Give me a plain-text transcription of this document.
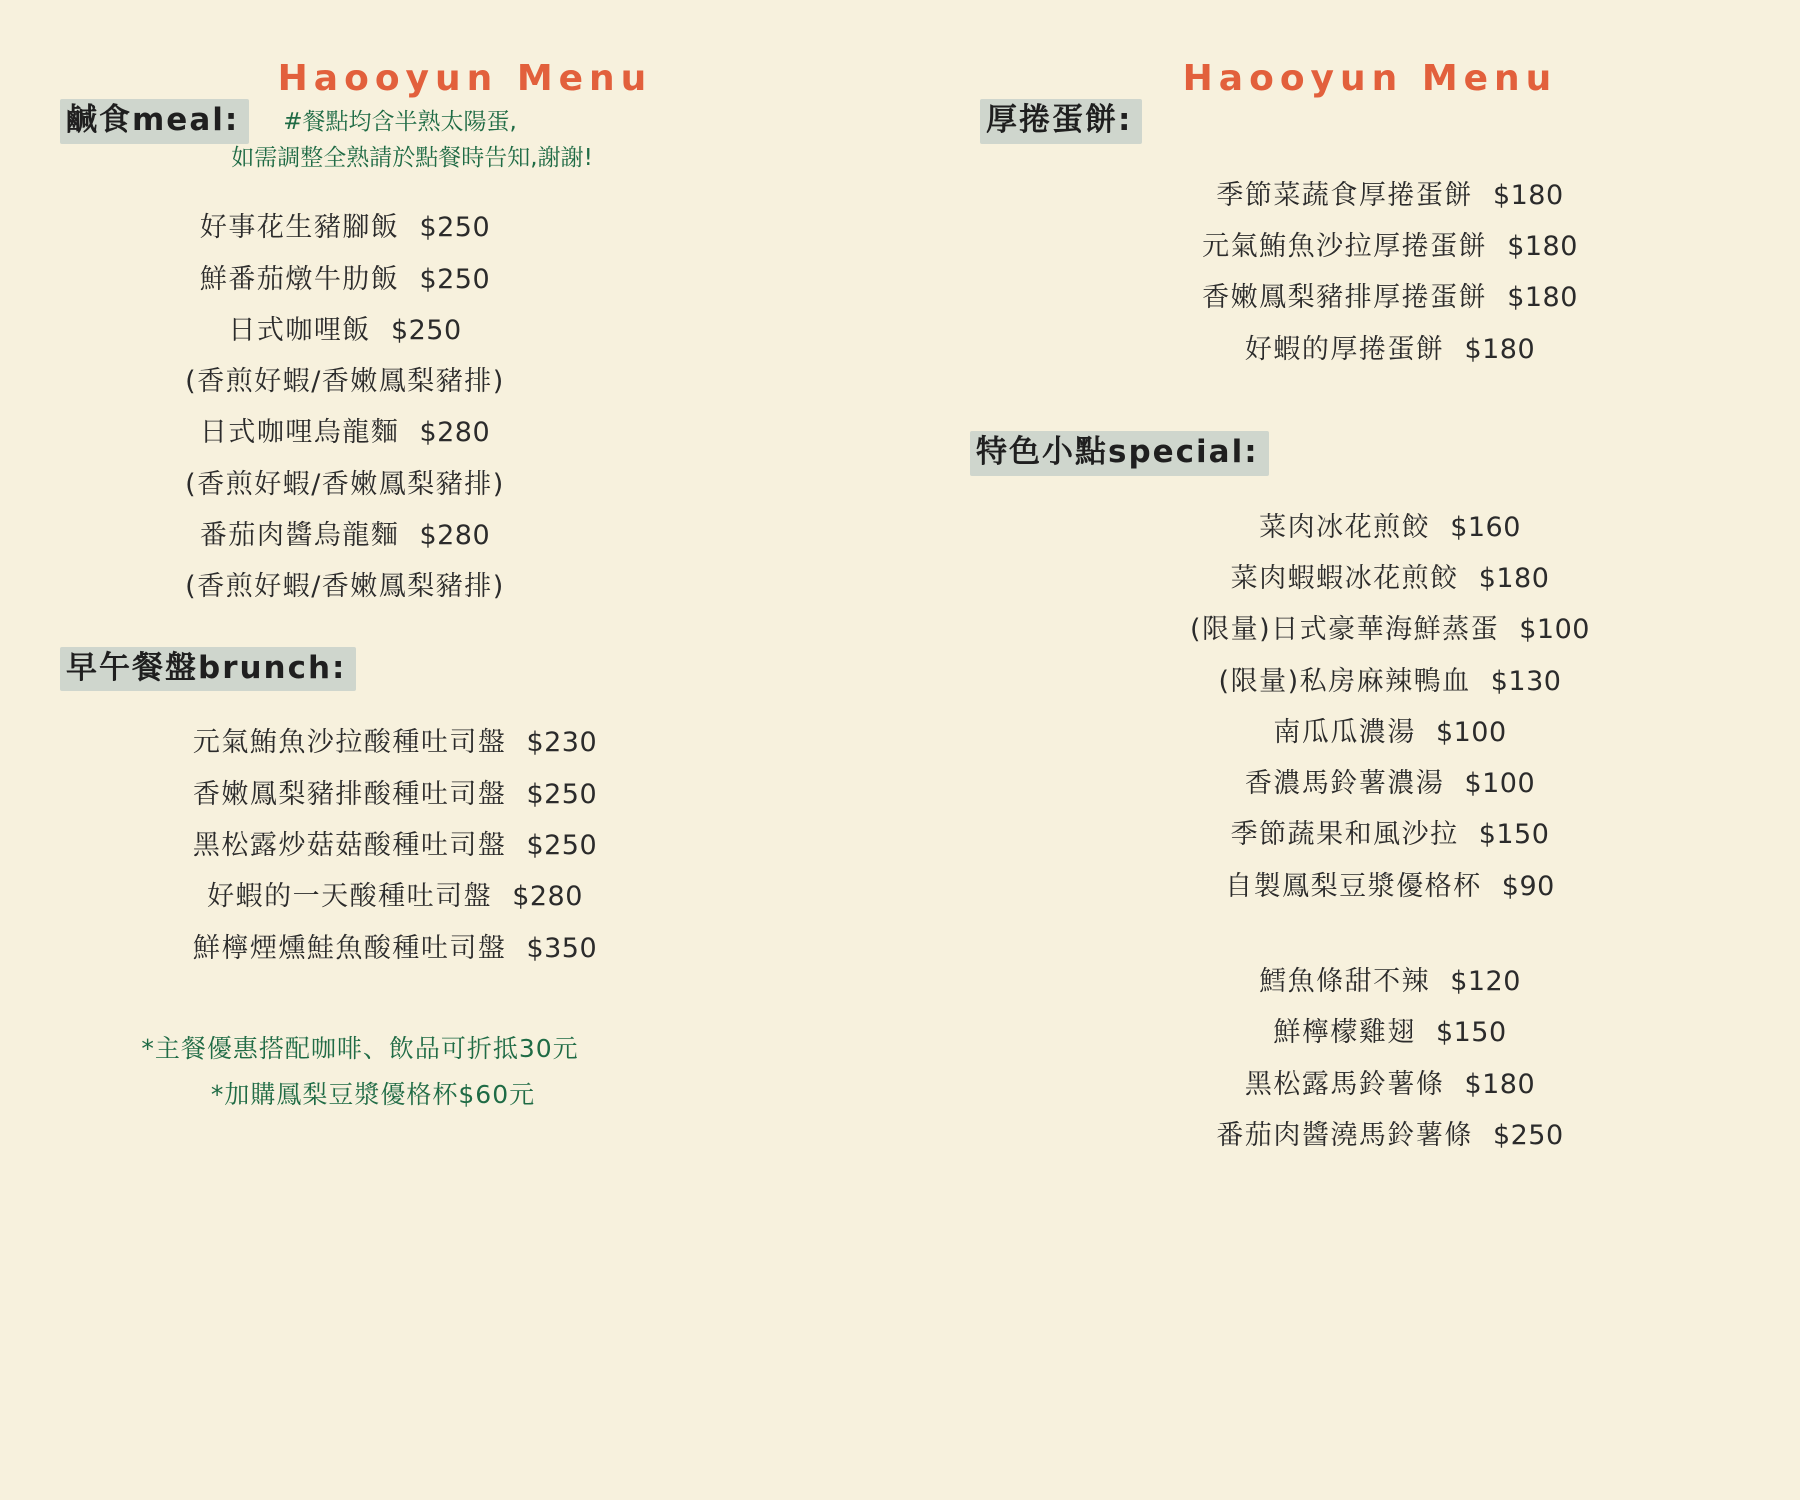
Haooyun Menu
鹹食meal:	#餐點均含半熟太陽蛋,
如需調整全熟請於點餐時告知,謝謝!
好事花生豬腳飯 $250
鮮番茄燉牛肋飯 $250
日式咖哩飯 $250
(香煎好蝦/香嫩鳳梨豬排)
日式咖哩烏龍麵 $280
(香煎好蝦/香嫩鳳梨豬排)
番茄肉醬烏龍麵 $280
(香煎好蝦/香嫩鳳梨豬排)
早午餐盤brunch:
元氣鮪魚沙拉酸種吐司盤 $230
香嫩鳳梨豬排酸種吐司盤 $250
黑松露炒菇菇酸種吐司盤 $250
好蝦的一天酸種吐司盤 $280
鮮檸煙燻鮭魚酸種吐司盤 $350
*主餐優惠搭配咖啡、飲品可折抵30元
*加購鳳梨豆漿優格杯$60元
Haooyun Menu
厚捲蛋餅:
季節菜蔬食厚捲蛋餅 $180
元氣鮪魚沙拉厚捲蛋餅 $180
香嫩鳳梨豬排厚捲蛋餅 $180
好蝦的厚捲蛋餅 $180
特色小點special:
菜肉冰花煎餃 $160
菜肉蝦蝦冰花煎餃 $180
(限量)日式豪華海鮮蒸蛋 $100
(限量)私房麻辣鴨血 $130
南瓜瓜濃湯 $100
香濃馬鈴薯濃湯 $100
季節蔬果和風沙拉 $150
自製鳳梨豆漿優格杯 $90
鱈魚條甜不辣 $120
鮮檸檬雞翅 $150
黑松露馬鈴薯條 $180
番茄肉醬澆馬鈴薯條 $250
